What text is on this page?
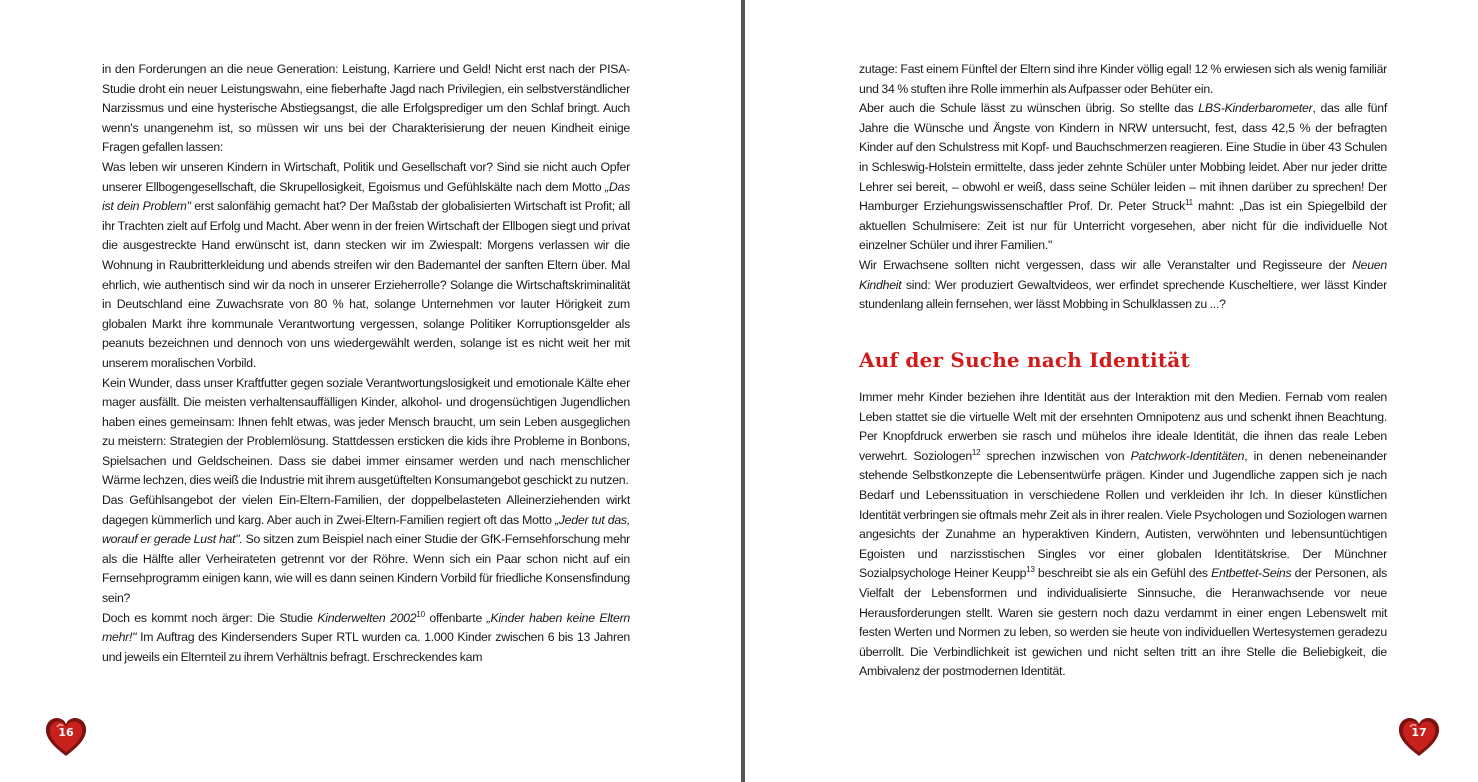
in den Forderungen an die neue Generation: Leistung, Karriere und Geld! Nicht erst nach der PISA-Studie droht ein neuer Leistungswahn, eine fieberhafte Jagd nach Privilegien, ein selbstverständlicher Narzissmus und eine hysterische Abstiegsangst, die alle Erfolgsprediger um den Schlaf bringt. Auch wenn's unangenehm ist, so müssen wir uns bei der Charakterisierung der neuen Kindheit einige Fragen gefallen lassen:

Was leben wir unseren Kindern in Wirtschaft, Politik und Gesellschaft vor? Sind sie nicht auch Opfer unserer Ellbogengesellschaft, die Skrupellosigkeit, Egoismus und Gefühlskälte nach dem Motto „Das ist dein Problem" erst salonfähig gemacht hat? Der Maßstab der globalisierten Wirtschaft ist Profit; all ihr Trachten zielt auf Erfolg und Macht. Aber wenn in der freien Wirtschaft der Ellbogen siegt und privat die ausgestreckte Hand erwünscht ist, dann stecken wir im Zwiespalt: Morgens verlassen wir die Wohnung in Raubritterkleidung und abends streifen wir den Bademantel der sanften Eltern über. Mal ehrlich, wie authentisch sind wir da noch in unserer Erzieherrolle? Solange die Wirtschaftskriminalität in Deutschland eine Zuwachsrate von 80 % hat, solange Unternehmen vor lauter Hörigkeit zum globalen Markt ihre kommunale Verantwortung vergessen, solange Politiker Korruptionsgelder als peanuts bezeichnen und dennoch von uns wiedergewählt werden, solange ist es nicht weit her mit unserem moralischen Vorbild.

Kein Wunder, dass unser Kraftfutter gegen soziale Verantwortungslosigkeit und emotionale Kälte eher mager ausfällt. Die meisten verhaltensauffälligen Kinder, alkohol- und drogensüchtigen Jugendlichen haben eines gemeinsam: Ihnen fehlt etwas, was jeder Mensch braucht, um sein Leben ausgeglichen zu meistern: Strategien der Problemlösung. Stattdessen ersticken die kids ihre Probleme in Bonbons, Spielsachen und Geldscheinen. Dass sie dabei immer einsamer werden und nach menschlicher Wärme lechzen, dies weiß die Industrie mit ihrem ausgetüftelten Konsumangebot geschickt zu nutzen.

Das Gefühlsangebot der vielen Ein-Eltern-Familien, der doppelbelasteten Alleinerziehenden wirkt dagegen kümmerlich und karg. Aber auch in Zwei-Eltern-Familien regiert oft das Motto „Jeder tut das, worauf er gerade Lust hat". So sitzen zum Beispiel nach einer Studie der GfK-Fernsehforschung mehr als die Hälfte aller Verheirateten getrennt vor der Röhre. Wenn sich ein Paar schon nicht auf ein Fernsehprogramm einigen kann, wie will es dann seinen Kindern Vorbild für friedliche Konsensfindung sein?

Doch es kommt noch ärger: Die Studie Kinderwelten 2002$^{10}$ offenbarte „Kinder haben keine Eltern mehr!" Im Auftrag des Kindersenders Super RTL wurden ca. 1.000 Kinder zwischen 6 bis 13 Jahren und jeweils ein Elternteil zu ihrem Verhältnis befragt. Erschreckendes kam

16

zutage: Fast einem Fünftel der Eltern sind ihre Kinder völlig egal! 12 % erwiesen sich als wenig familiär und 34 % stuften ihre Rolle immerhin als Aufpasser oder Behüter ein.

Aber auch die Schule lässt zu wünschen übrig. So stellte das LBS-Kinderbarometer, das alle fünf Jahre die Wünsche und Ängste von Kindern in NRW untersucht, fest, dass 42,5 % der befragten Kinder auf den Schulstress mit Kopf- und Bauchschmerzen reagieren. Eine Studie in über 43 Schulen in Schleswig-Holstein ermittelte, dass jeder zehnte Schüler unter Mobbing leidet. Aber nur jeder dritte Lehrer sei bereit, – obwohl er weiß, dass seine Schüler leiden – mit ihnen darüber zu sprechen! Der Hamburger Erziehungswissenschaftler Prof. Dr. Peter Struck$^{11}$ mahnt: „Das ist ein Spiegelbild der aktuellen Schulmisere: Zeit ist nur für Unterricht vorgesehen, aber nicht für die individuelle Not einzelner Schüler und ihrer Familien."

Wir Erwachsene sollten nicht vergessen, dass wir alle Veranstalter und Regisseure der Neuen Kindheit sind: Wer produziert Gewaltvideos, wer erfindet sprechende Kuscheltiere, wer lässt Kinder stundenlang allein fernsehen, wer lässt Mobbing in Schulklassen zu ...?

Auf der Suche nach Identität

Immer mehr Kinder beziehen ihre Identität aus der Interaktion mit den Medien. Fernab vom realen Leben stattet sie die virtuelle Welt mit der ersehnten Omnipotenz aus und schenkt ihnen Beachtung. Per Knopfdruck erwerben sie rasch und mühelos ihre ideale Identität, die ihnen das reale Leben verwehrt. Soziologen$^{12}$ sprechen inzwischen von Patchwork-Identitäten, in denen nebeneinander stehende Selbstkonzepte die Lebensentwürfe prägen. Kinder und Jugendliche zappen sich je nach Bedarf und Lebenssituation in verschiedene Rollen und verkleiden ihr Ich. In dieser künstlichen Identität verbringen sie oftmals mehr Zeit als in ihrer realen. Viele Psychologen und Soziologen warnen angesichts der Zunahme an hyperaktiven Kindern, Autisten, verwöhnten und lebensuntüchtigen Egoisten und narzisstischen Singles vor einer globalen Identitätskrise. Der Münchner Sozialpsychologe Heiner Keupp$^{13}$ beschreibt sie als ein Gefühl des Entbettet-Seins der Personen, als Vielfalt der Lebensformen und individualisierte Sinnsuche, die Heranwachsende vor neue Herausforderungen stellt. Waren sie gestern noch dazu verdammt in einer engen Lebenswelt mit festen Werten und Normen zu leben, so werden sie heute von individuellen Wertesystemen geradezu überrollt. Die Verbindlichkeit ist gewichen und nicht selten tritt an ihre Stelle die Beliebigkeit, die Ambivalenz der postmodernen Identität.

17
